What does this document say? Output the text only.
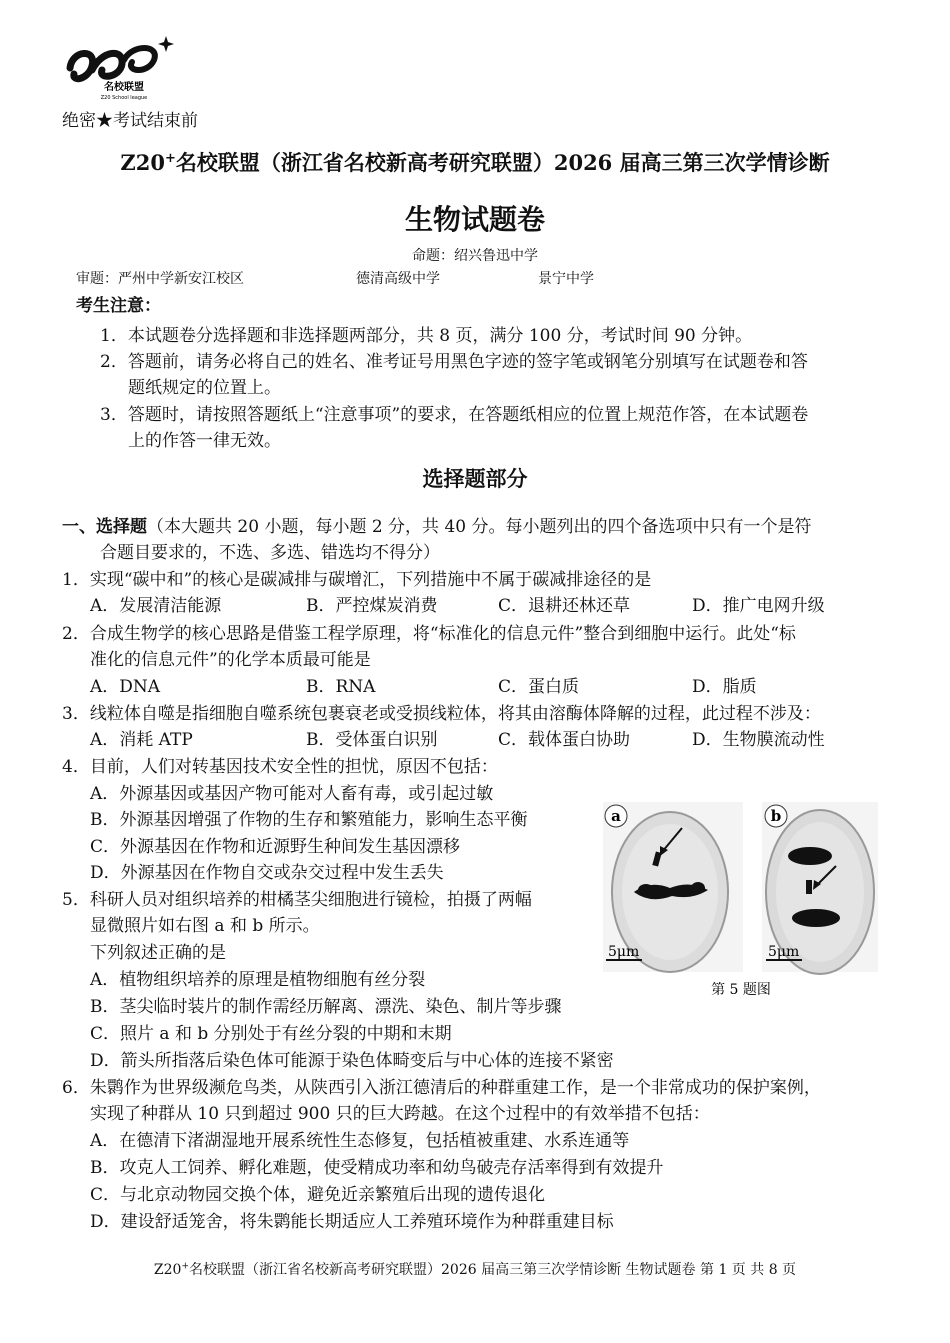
名校联盟
Z20 School league
绝密★考试结束前
Z20+名校联盟（浙江省名校新高考研究联盟）2026 届高三第三次学情诊断
生物试题卷
命题：绍兴鲁迅中学
审题：严州中学新安江校区	德清高级中学	景宁中学
考生注意：
1．本试题卷分选择题和非选择题两部分，共 8 页，满分 100 分，考试时间 90 分钟。
2．答题前，请务必将自己的姓名、准考证号用黑色字迹的签字笔或钢笔分别填写在试题卷和答
题纸规定的位置上。
3．答题时，请按照答题纸上“注意事项”的要求，在答题纸相应的位置上规范作答，在本试题卷
上的作答一律无效。
选择题部分
一、选择题（本大题共 20 小题，每小题 2 分，共 40 分。每小题列出的四个备选项中只有一个是符
合题目要求的，不选、多选、错选均不得分）
1．实现“碳中和”的核心是碳减排与碳增汇，下列措施中不属于碳减排途径的是
A．发展清洁能源	B．严控煤炭消费	C．退耕还林还草	D．推广电网升级
2．合成生物学的核心思路是借鉴工程学原理，将“标准化的信息元件”整合到细胞中运行。此处“标
准化的信息元件”的化学本质最可能是
A．DNA	B．RNA	C．蛋白质	D．脂质
3．线粒体自噬是指细胞自噬系统包裹衰老或受损线粒体，将其由溶酶体降解的过程，此过程不涉及：
A．消耗 ATP	B．受体蛋白识别	C．载体蛋白协助	D．生物膜流动性
4．目前，人们对转基因技术安全性的担忧，原因不包括：
A．外源基因或基因产物可能对人畜有毒，或引起过敏
B．外源基因增强了作物的生存和繁殖能力，影响生态平衡
C．外源基因在作物和近源野生种间发生基因漂移
D．外源基因在作物自交或杂交过程中发生丢失
5．科研人员对组织培养的柑橘茎尖细胞进行镜检，拍摄了两幅
显微照片如右图 a 和 b 所示。
下列叙述正确的是
A．植物组织培养的原理是植物细胞有丝分裂
B．茎尖临时装片的制作需经历解离、漂洗、染色、制片等步骤
C．照片 a 和 b 分别处于有丝分裂的中期和末期
D．箭头所指落后染色体可能源于染色体畸变后与中心体的连接不紧密
a
5μm
b
5μm
第 5 题图
6．朱鹮作为世界级濒危鸟类，从陕西引入浙江德清后的种群重建工作，是一个非常成功的保护案例，
实现了种群从 10 只到超过 900 只的巨大跨越。在这个过程中的有效举措不包括：
A．在德清下渚湖湿地开展系统性生态修复，包括植被重建、水系连通等
B．攻克人工饲养、孵化难题，使受精成功率和幼鸟破壳存活率得到有效提升
C．与北京动物园交换个体，避免近亲繁殖后出现的遗传退化
D．建设舒适笼舍，将朱鹮能长期适应人工养殖环境作为种群重建目标
Z20+名校联盟（浙江省名校新高考研究联盟）2026 届高三第三次学情诊断 生物试题卷 第 1 页 共 8 页
